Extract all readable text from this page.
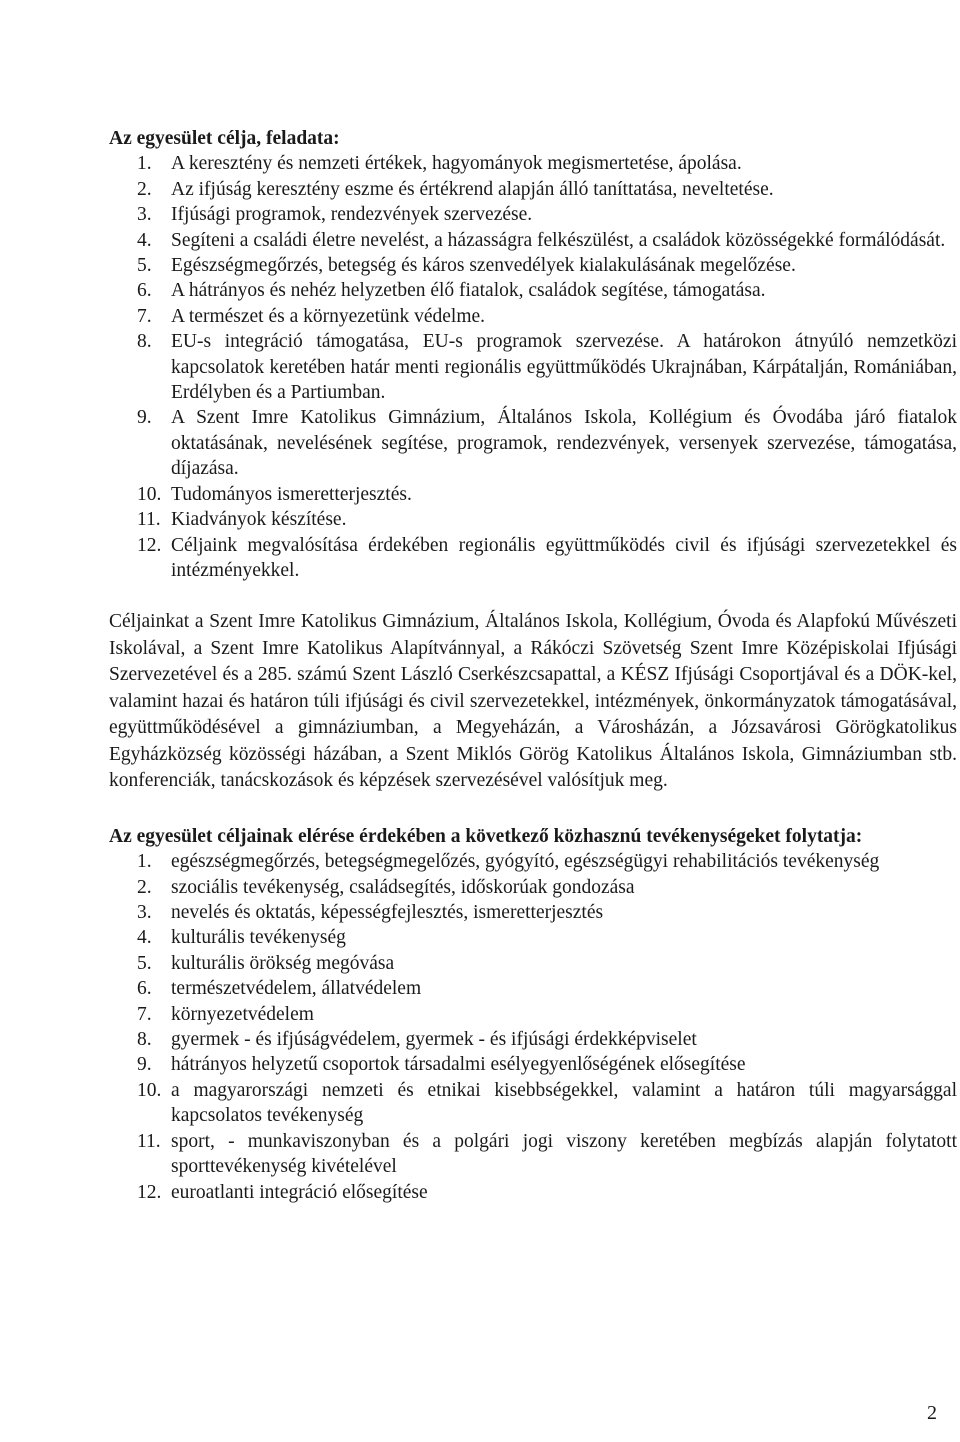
Az egyesület célja, feladata:
1. A keresztény és nemzeti értékek, hagyományok megismertetése, ápolása.
2. Az ifjúság keresztény eszme és értékrend alapján álló taníttatása, neveltetése.
3. Ifjúsági programok, rendezvények szervezése.
4. Segíteni a családi életre nevelést, a házasságra felkészülést, a családok közösségekké formálódását.
5. Egészségmegőrzés, betegség és káros szenvedélyek kialakulásának megelőzése.
6. A hátrányos és nehéz helyzetben élő fiatalok, családok segítése, támogatása.
7. A természet és a környezetünk védelme.
8. EU-s integráció támogatása, EU-s programok szervezése. A határokon átnyúló nemzetközi kapcsolatok keretében határ menti regionális együttműködés Ukrajnában, Kárpátalján, Romániában, Erdélyben és a Partiumban.
9. A Szent Imre Katolikus Gimnázium, Általános Iskola, Kollégium és Óvodába járó fiatalok oktatásának, nevelésének segítése, programok, rendezvények, versenyek szervezése, támogatása, díjazása.
10. Tudományos ismeretterjesztés.
11. Kiadványok készítése.
12. Céljaink megvalósítása érdekében regionális együttműködés civil és ifjúsági szervezetekkel és intézményekkel.

Céljainkat a Szent Imre Katolikus Gimnázium, Általános Iskola, Kollégium, Óvoda és Alapfokú Művészeti Iskolával, a Szent Imre Katolikus Alapítvánnyal, a Rákóczi Szövetség Szent Imre Középiskolai Ifjúsági Szervezetével és a 285. számú Szent László Cserkészcsapattal, a KÉSZ Ifjúsági Csoportjával és a DÖK-kel, valamint hazai és határon túli ifjúsági és civil szervezetekkel, intézmények, önkormányzatok támogatásával, együttműködésével a gimnáziumban, a Megyeházán, a Városházán, a Józsavárosi Görögkatolikus Egyházközség közösségi házában, a Szent Miklós Görög Katolikus Általános Iskola, Gimnáziumban stb. konferenciák, tanácskozások és képzések szervezésével valósítjuk meg.

Az egyesület céljainak elérése érdekében a következő közhasznú tevékenységeket folytatja:
1. egészségmegőrzés, betegségmegelőzés, gyógyító, egészségügyi rehabilitációs tevékenység
2. szociális tevékenység, családsegítés, időskorúak gondozása
3. nevelés és oktatás, képességfejlesztés, ismeretterjesztés
4. kulturális tevékenység
5. kulturális örökség megóvása
6. természetvédelem, állatvédelem
7. környezetvédelem
8. gyermek - és ifjúságvédelem, gyermek - és ifjúsági érdekképviselet
9. hátrányos helyzetű csoportok társadalmi esélyegyenlőségének elősegítése
10. a magyarországi nemzeti és etnikai kisebbségekkel, valamint a határon túli magyarsággal kapcsolatos tevékenység
11. sport, - munkaviszonyban és a polgári jogi viszony keretében megbízás alapján folytatott sporttevékenység kivételével
12. euroatlanti integráció elősegítése
2
